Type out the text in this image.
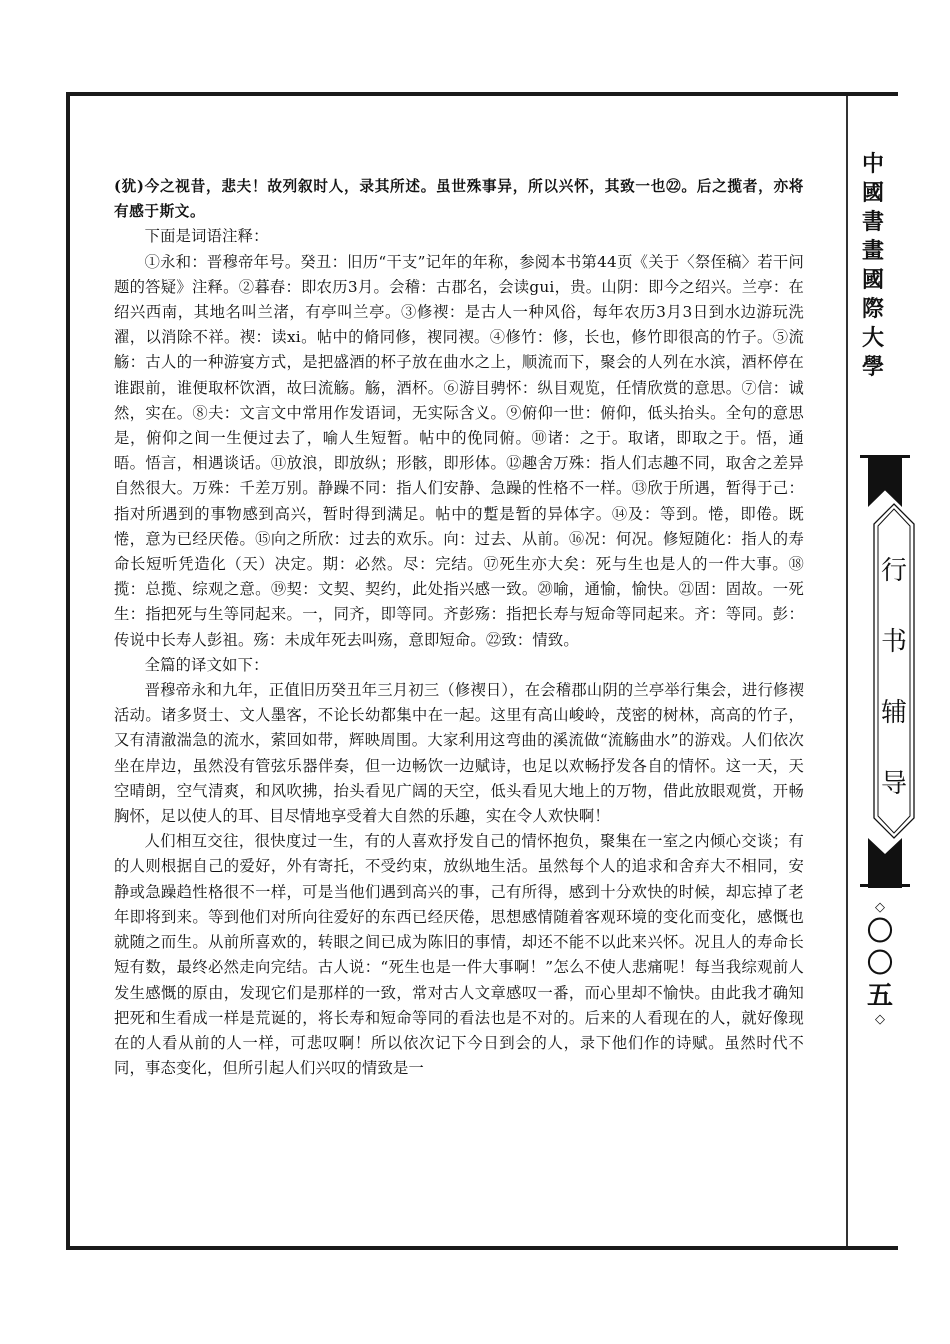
(犹)今之视昔，悲夫！故列叙时人，录其所述。虽世殊事异，所以兴怀，其致一也㉒。后之揽者，亦将有感于斯文。

下面是词语注释：

①永和：晋穆帝年号。癸丑：旧历“干支”记年的年称，参阅本书第44页《关于〈祭侄稿〉若干问题的答疑》注释。②暮春：即农历3月。会稽：古郡名，会读gui，贵。山阴：即今之绍兴。兰亭：在绍兴西南，其地名叫兰渚，有亭叫兰亭。③修禊：是古人一种风俗，每年农历3月3日到水边游玩洗濯，以消除不祥。禊：读xi。帖中的脩同修，褉同禊。④修竹：修，长也，修竹即很高的竹子。⑤流觞：古人的一种游宴方式，是把盛酒的杯子放在曲水之上，顺流而下，聚会的人列在水滨，酒杯停在谁跟前，谁便取杯饮酒，故曰流觞。觞，酒杯。⑥游目骋怀：纵目观览，任情欣赏的意思。⑦信：诚然，实在。⑧夫：文言文中常用作发语词，无实际含义。⑨俯仰一世：俯仰，低头抬头。全句的意思是，俯仰之间一生便过去了，喻人生短暂。帖中的俛同俯。⑩诸：之于。取诸，即取之于。悟，通晤。悟言，相遇谈话。⑪放浪，即放纵；形骸，即形体。⑫趣舍万殊：指人们志趣不同，取舍之差异自然很大。万殊：千差万别。静躁不同：指人们安静、急躁的性格不一样。⑬欣于所遇，暂得于己：指对所遇到的事物感到高兴，暂时得到满足。帖中的蹔是暂的异体字。⑭及：等到。惓，即倦。既惓，意为已经厌倦。⑮向之所欣：过去的欢乐。向：过去、从前。⑯况：何况。修短随化：指人的寿命长短听凭造化（天）决定。期：必然。尽：完结。⑰死生亦大矣：死与生也是人的一件大事。⑱揽：总揽、综观之意。⑲契：文契、契约，此处指兴感一致。⑳喻，通愉，愉快。㉑固：固故。一死生：指把死与生等同起来。一，同齐，即等同。齐彭殇：指把长寿与短命等同起来。齐：等同。彭：传说中长寿人彭祖。殇：未成年死去叫殇，意即短命。㉒致：情致。

全篇的译文如下：

晋穆帝永和九年，正值旧历癸丑年三月初三（修禊日），在会稽郡山阴的兰亭举行集会，进行修禊活动。诸多贤士、文人墨客，不论长幼都集中在一起。这里有高山峻岭，茂密的树林，高高的竹子，又有清澈湍急的流水，萦回如带，辉映周围。大家利用这弯曲的溪流做“流觞曲水”的游戏。人们依次坐在岸边，虽然没有管弦乐器伴奏，但一边畅饮一边赋诗，也足以欢畅抒发各自的情怀。这一天，天空晴朗，空气清爽，和风吹拂，抬头看见广阔的天空，低头看见大地上的万物，借此放眼观赏，开畅胸怀，足以使人的耳、目尽情地享受着大自然的乐趣，实在令人欢快啊！

人们相互交往，很快度过一生，有的人喜欢抒发自己的情怀抱负，聚集在一室之内倾心交谈；有的人则根据自己的爱好，外有寄托，不受约束，放纵地生活。虽然每个人的追求和舍弃大不相同，安静或急躁趋性格很不一样，可是当他们遇到高兴的事，己有所得，感到十分欢快的时候，却忘掉了老年即将到来。等到他们对所向往爱好的东西已经厌倦，思想感情随着客观环境的变化而变化，感慨也就随之而生。从前所喜欢的，转眼之间已成为陈旧的事情，却还不能不以此来兴怀。况且人的寿命长短有数，最终必然走向完结。古人说：“死生也是一件大事啊！”怎么不使人悲痛呢！每当我综观前人发生感慨的原由，发现它们是那样的一致，常对古人文章感叹一番，而心里却不愉快。由此我才确知把死和生看成一样是荒诞的，将长寿和短命等同的看法也是不对的。后来的人看现在的人，就好像现在的人看从前的人一样，可悲叹啊！所以依次记下今日到会的人，录下他们作的诗赋。虽然时代不同，事态变化，但所引起人们兴叹的情致是一

中
國
書
畫
國
際
大
學
行
书
辅
导
◇
〇
〇
五
◇
